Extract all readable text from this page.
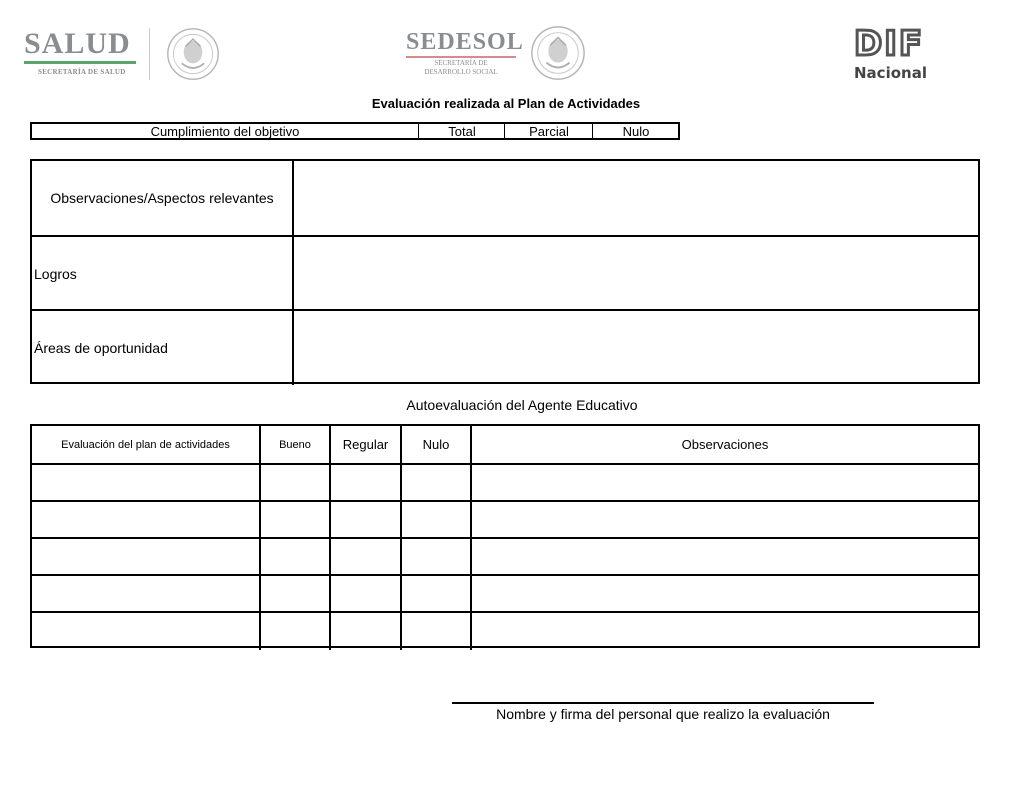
SALUD
SECRETARÍA DE SALUD
SEDESOL
SECRETARÍA DE
DESARROLLO SOCIAL
DIF
Nacional
Evaluación realizada al Plan de Actividades
Cumplimiento del objetivo	Total	Parcial	Nulo
Observaciones/Aspectos relevantes
Logros
Áreas de oportunidad
Autoevaluación del Agente Educativo
Evaluación del plan de actividades	Bueno	Regular	Nulo	Observaciones
Nombre y firma del personal que realizo la evaluación
